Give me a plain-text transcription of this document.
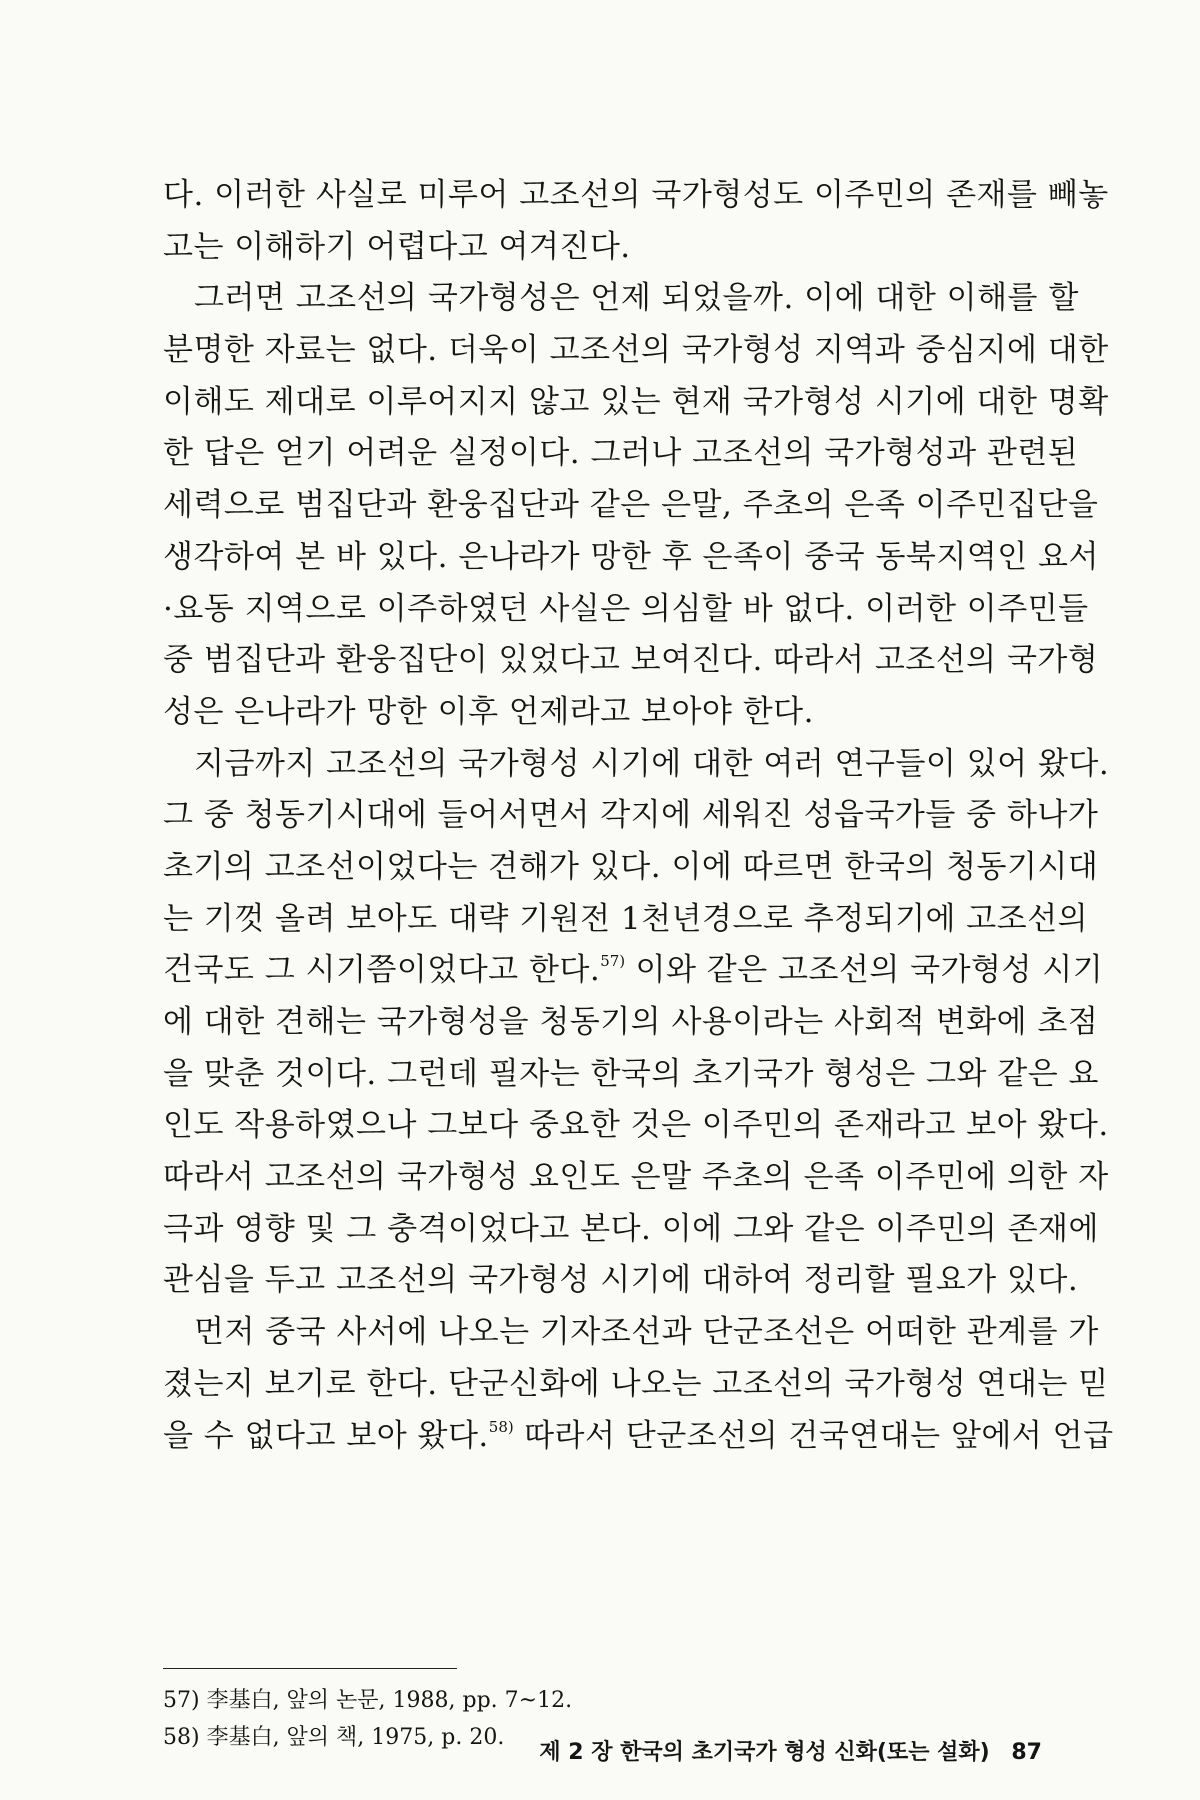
다. 이러한 사실로 미루어 고조선의 국가형성도 이주민의 존재를 빼놓
고는 이해하기 어렵다고 여겨진다.
그러면 고조선의 국가형성은 언제 되었을까. 이에 대한 이해를 할
분명한 자료는 없다. 더욱이 고조선의 국가형성 지역과 중심지에 대한
이해도 제대로 이루어지지 않고 있는 현재 국가형성 시기에 대한 명확
한 답은 얻기 어려운 실정이다. 그러나 고조선의 국가형성과 관련된
세력으로 범집단과 환웅집단과 같은 은말, 주초의 은족 이주민집단을
생각하여 본 바 있다. 은나라가 망한 후 은족이 중국 동북지역인 요서
·요동 지역으로 이주하였던 사실은 의심할 바 없다. 이러한 이주민들
중 범집단과 환웅집단이 있었다고 보여진다. 따라서 고조선의 국가형
성은 은나라가 망한 이후 언제라고 보아야 한다.
지금까지 고조선의 국가형성 시기에 대한 여러 연구들이 있어 왔다.
그 중 청동기시대에 들어서면서 각지에 세워진 성읍국가들 중 하나가
초기의 고조선이었다는 견해가 있다. 이에 따르면 한국의 청동기시대
는 기껏 올려 보아도 대략 기원전 1천년경으로 추정되기에 고조선의
건국도 그 시기쯤이었다고 한다.$^{57)}$ 이와 같은 고조선의 국가형성 시기
에 대한 견해는 국가형성을 청동기의 사용이라는 사회적 변화에 초점
을 맞춘 것이다. 그런데 필자는 한국의 초기국가 형성은 그와 같은 요
인도 작용하였으나 그보다 중요한 것은 이주민의 존재라고 보아 왔다.
따라서 고조선의 국가형성 요인도 은말 주초의 은족 이주민에 의한 자
극과 영향 및 그 충격이었다고 본다. 이에 그와 같은 이주민의 존재에
관심을 두고 고조선의 국가형성 시기에 대하여 정리할 필요가 있다.
먼저 중국 사서에 나오는 기자조선과 단군조선은 어떠한 관계를 가
졌는지 보기로 한다. 단군신화에 나오는 고조선의 국가형성 연대는 믿
을 수 없다고 보아 왔다.$^{58)}$ 따라서 단군조선의 건국연대는 앞에서 언급
57) 李基白, 앞의 논문, 1988, pp. 7~12.
58) 李基白, 앞의 책, 1975, p. 20.
제 2 장 한국의 초기국가 형성 신화(또는 설화) 87
